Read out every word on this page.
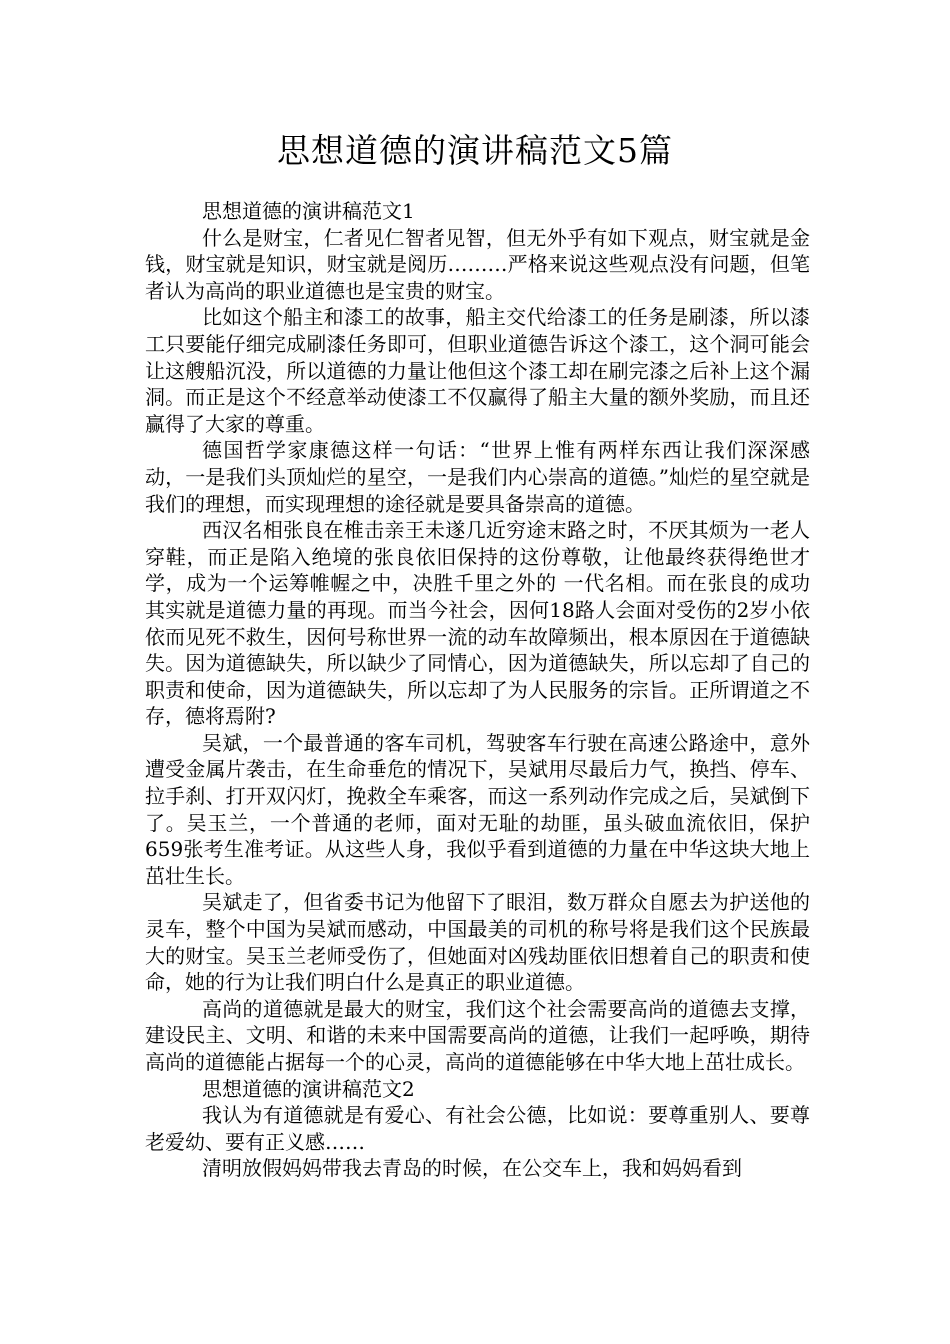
思想道德的演讲稿范文5篇

思想道德的演讲稿范文1

什么是财宝，仁者见仁智者见智，但无外乎有如下观点，财宝就是金钱，财宝就是知识，财宝就是阅历………严格来说这些观点没有问题，但笔者认为高尚的职业道德也是宝贵的财宝。

比如这个船主和漆工的故事，船主交代给漆工的任务是刷漆，所以漆工只要能仔细完成刷漆任务即可，但职业道德告诉这个漆工，这个洞可能会让这艘船沉没，所以道德的力量让他但这个漆工却在刷完漆之后补上这个漏洞。而正是这个不经意举动使漆工不仅赢得了船主大量的额外奖励，而且还赢得了大家的尊重。

德国哲学家康德这样一句话：“世界上惟有两样东西让我们深深感动，一是我们头顶灿烂的星空，一是我们内心崇高的道德。”灿烂的星空就是我们的理想，而实现理想的途径就是要具备崇高的道德。

西汉名相张良在椎击亲王未遂几近穷途末路之时，不厌其烦为一老人穿鞋，而正是陷入绝境的张良依旧保持的这份尊敬，让他最终获得绝世才学，成为一个运筹帷幄之中，决胜千里之外的 一代名相。而在张良的成功其实就是道德力量的再现。而当今社会，因何18路人会面对受伤的2岁小依依而见死不救生，因何号称世界一流的动车故障频出，根本原因在于道德缺失。因为道德缺失，所以缺少了同情心，因为道德缺失，所以忘却了自己的职责和使命，因为道德缺失，所以忘却了为人民服务的宗旨。正所谓道之不存，德将焉附?

吴斌，一个最普通的客车司机，驾驶客车行驶在高速公路途中，意外遭受金属片袭击，在生命垂危的情况下，吴斌用尽最后力气，换挡、停车、拉手刹、打开双闪灯，挽救全车乘客，而这一系列动作完成之后，吴斌倒下了。吴玉兰，一个普通的老师，面对无耻的劫匪，虽头破血流依旧，保护659张考生准考证。从这些人身，我似乎看到道德的力量在中华这块大地上茁壮生长。

吴斌走了，但省委书记为他留下了眼泪，数万群众自愿去为护送他的灵车，整个中国为吴斌而感动，中国最美的司机的称号将是我们这个民族最大的财宝。吴玉兰老师受伤了，但她面对凶残劫匪依旧想着自己的职责和使命，她的行为让我们明白什么是真正的职业道德。

高尚的道德就是最大的财宝，我们这个社会需要高尚的道德去支撑，建设民主、文明、和谐的未来中国需要高尚的道德，让我们一起呼唤，期待高尚的道德能占据每一个的心灵，高尚的道德能够在中华大地上茁壮成长。

思想道德的演讲稿范文2

我认为有道德就是有爱心、有社会公德，比如说：要尊重别人、要尊老爱幼、要有正义感……

清明放假妈妈带我去青岛的时候，在公交车上，我和妈妈看到
